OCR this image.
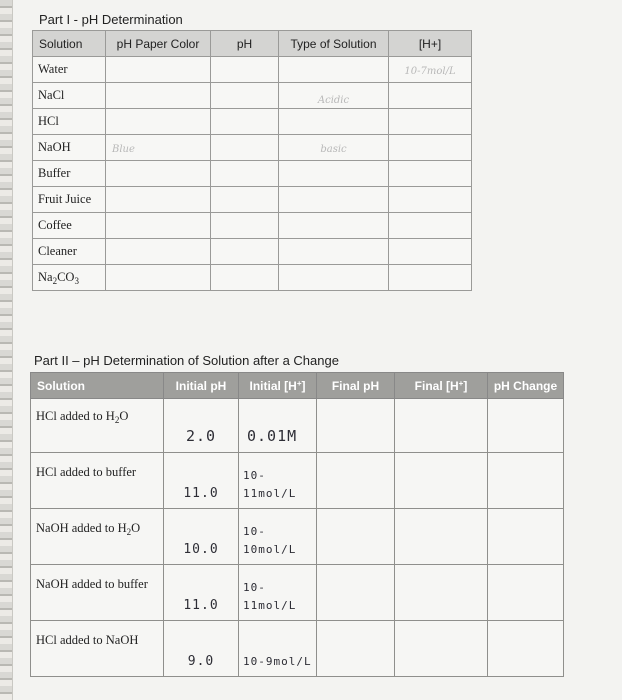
Part I - pH Determination
Solution	pH Paper Color	pH	Type of Solution	[H+]
Water				10-7mol/L
NaCl			Acidic	
HCl				
NaOH	Blue		basic	
Buffer				
Fruit Juice				
Coffee				
Cleaner				
$Na_2CO_3$				
Part II – pH Determination of Solution after a Change
Solution	Initial pH	Initial [H+]	Final pH	Final [H+]	pH Change
HCl added to $H_2O$	2.0	0.01M			
HCl added to buffer	11.0	10-11mol/L			
NaOH added to $H_2O$	10.0	10-10mol/L			
NaOH added to buffer	11.0	10-11mol/L			
HCl added to NaOH	9.0	10-9mol/L			
